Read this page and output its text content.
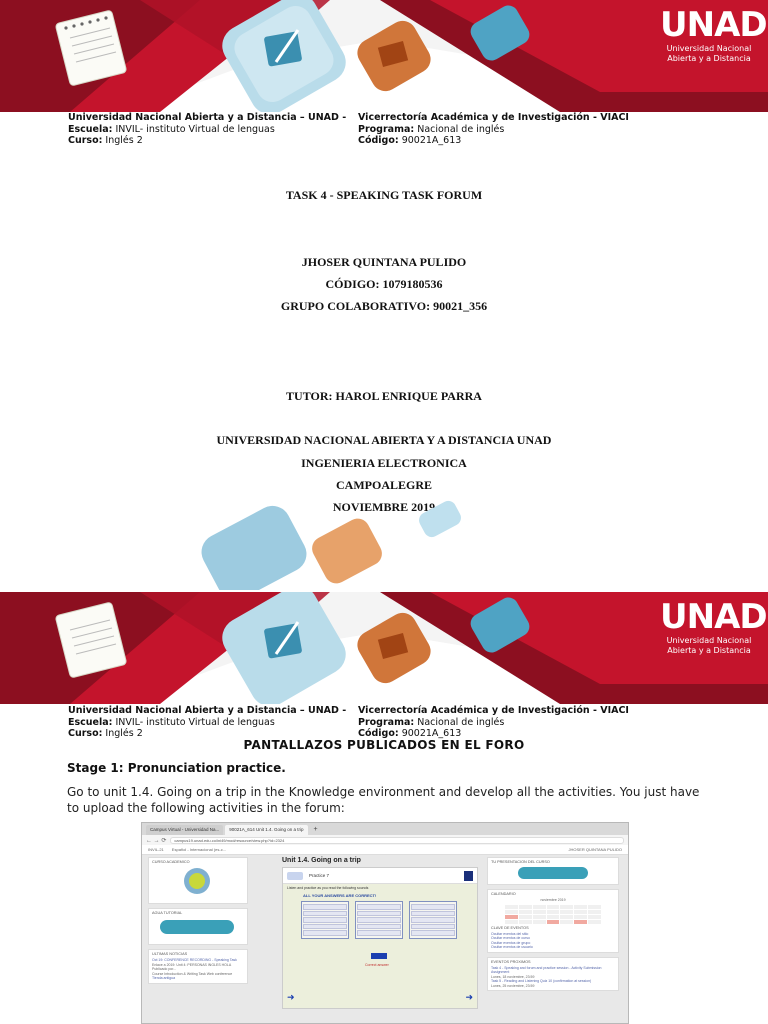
UNAD
Universidad Nacional
Abierta y a Distancia
Universidad Nacional Abierta y a Distancia – UNAD -
Escuela: INVIL- instituto Virtual de lenguas
Curso: Inglés 2
Vicerrectoría Académica y de Investigación - VIACI
Programa: Nacional de inglés
Código: 90021A_613
TASK 4 - SPEAKING TASK FORUM
JHOSER QUINTANA PULIDO
CÓDIGO: 1079180536
GRUPO COLABORATIVO: 90021_356
TUTOR: HAROL ENRIQUE PARRA
UNIVERSIDAD NACIONAL ABIERTA Y A DISTANCIA UNAD
INGENIERIA ELECTRONICA
CAMPOALEGRE
NOVIEMBRE 2019
UNAD
Universidad Nacional
Abierta y a Distancia
Universidad Nacional Abierta y a Distancia – UNAD -
Escuela: INVIL- instituto Virtual de lenguas
Curso: Inglés 2
Vicerrectoría Académica y de Investigación - VIACI
Programa: Nacional de inglés
Código: 90021A_613
PANTALLAZOS PUBLICADOS EN EL FORO
Stage 1: Pronunciation practice.
Go to unit 1.4. Going on a trip in the Knowledge environment and develop all the activities. You just have
to upload the following activities in the forum:
Campus Virtual - Universidad Na...	90021A_614 Unit 1.4. Going on a trip	+
← → ⟳	campus19.unad.edu.co/ini49/mod/resource/view.php?id=2324
INVIL-21 Español - Internacional (es-c...	JHOSER QUINTANA PULIDO
CURSO ACADEMICO
AGUA TUTORIAL
ULTIMAS NOTICIAS
Oct 19: CONFERENCE RECORDING - Speaking Task
Enlace a 2019: Unit 4: PERSONAS INGLES HOLA
Publicado por...
Course Introduction & Writing Task Web conference
Tienda antigua
Unit 1.4. Going on a trip
Practice 7
Listen and practice as you read the following sounds
ALL YOUR ANSWERS ARE CORRECT!
Correct answer
➜	➜
TU PRESENTACION DEL CURSO
CALENDARIO
noviembre 2019
CLAVE DE EVENTOS
Ocultar eventos del sitio
Ocultar eventos de curso
Ocultar eventos de grupo
Ocultar eventos de usuario
EVENTOS PROXIMOS
Task 4 - Speaking and forum and practice session - Activity Submission Assignment
Lunes, 18 noviembre, 23:59
Task 5 - Reading and Listening Quiz 10 (confirmation at session)
Lunes, 25 noviembre, 23:59
